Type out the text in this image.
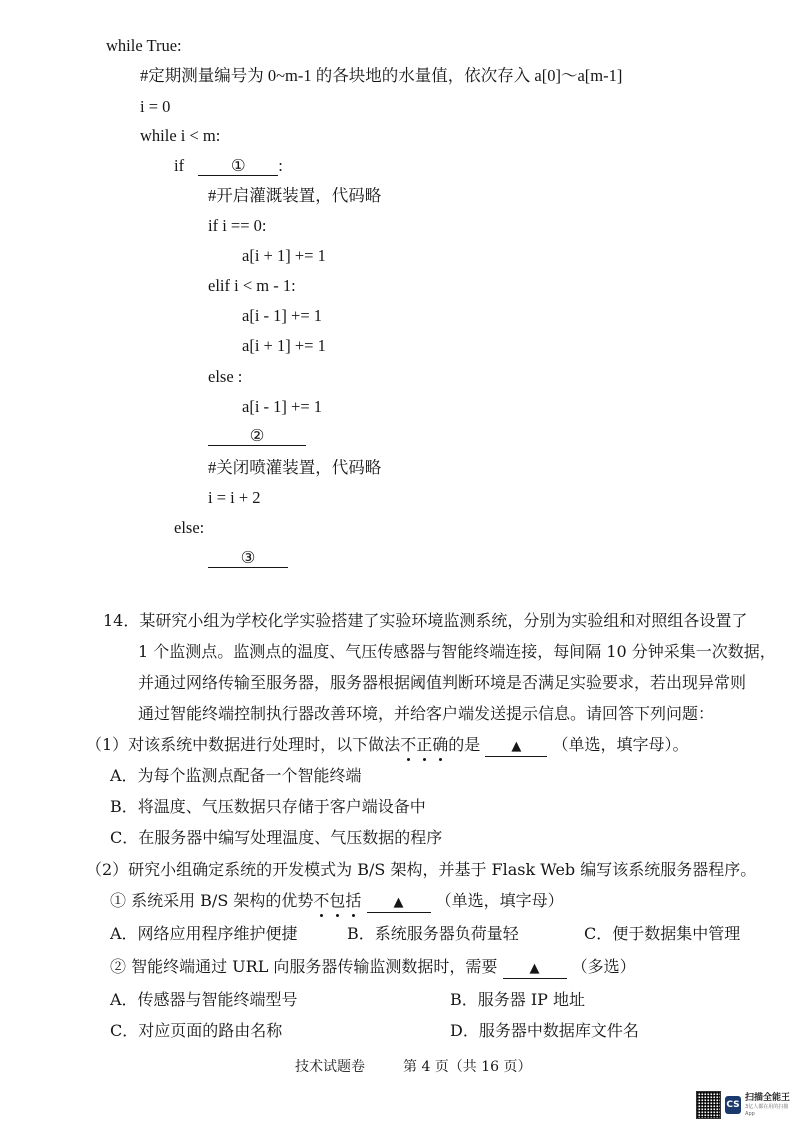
while True:
#定期测量编号为 0~m-1 的各块地的水量值，依次存入 a[0]～a[m-1]
i = 0
while i < m:
if	① :
#开启灌溉装置，代码略
if i == 0:
a[i + 1] += 1
elif i < m - 1:
a[i - 1] += 1
a[i + 1] += 1
else :
a[i - 1] += 1
②
#关闭喷灌装置，代码略
i = i + 2
else:
③
14．某研究小组为学校化学实验搭建了实验环境监测系统，分别为实验组和对照组各设置了
1 个监测点。监测点的温度、气压传感器与智能终端连接，每间隔 10 分钟采集一次数据，
并通过网络传输至服务器，服务器根据阈值判断环境是否满足实验要求，若出现异常则
通过智能终端控制执行器改善环境，并给客户端发送提示信息。请回答下列问题：
（1）对该系统中数据进行处理时，以下做法不正确的是 ▲ （单选，填字母）。
A．为每个监测点配备一个智能终端
B．将温度、气压数据只存储于客户端设备中
C．在服务器中编写处理温度、气压数据的程序
（2）研究小组确定系统的开发模式为 B/S 架构，并基于 Flask Web 编写该系统服务器程序。
① 系统采用 B/S 架构的优势不包括 ▲ （单选，填字母）
A．网络应用程序维护便捷	B．系统服务器负荷量轻	C．便于数据集中管理
② 智能终端通过 URL 向服务器传输监测数据时，需要 ▲ （多选）
A．传感器与智能终端型号	B．服务器 IP 地址
C．对应页面的路由名称	D．服务器中数据库文件名
技术试题卷	第 4 页（共 16 页）
CS
扫描全能王
3亿人都在用的扫描App
